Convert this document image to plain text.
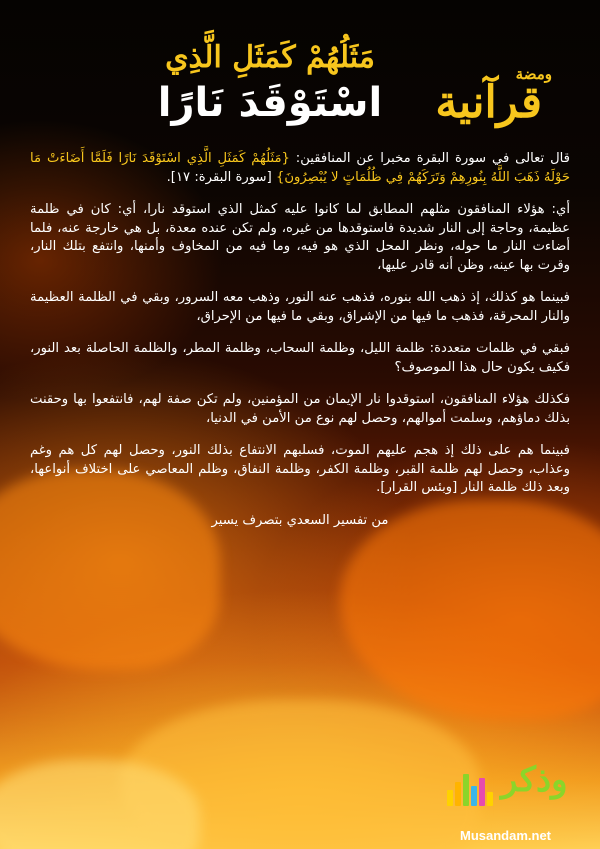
مَثَلُهُمْ كَمَثَلِ الَّذِي
اسْتَوْقَدَ نَارًا
ومضة
قرآنية

قال تعالى في سورة البقرة مخبرا عن المنافقين: {مَثَلُهُمْ كَمَثَلِ الَّذِي اسْتَوْقَدَ نَارًا فَلَمَّا أَضَاءَتْ مَا حَوْلَهُ ذَهَبَ اللَّهُ بِنُورِهِمْ وَتَرَكَهُمْ فِي ظُلُمَاتٍ لا يُبْصِرُونَ} [سورة البقرة: ١٧].

أي: هؤلاء المنافقون مثلهم المطابق لما كانوا عليه كمثل الذي استوقد نارا، أي: كان في ظلمة عظيمة، وحاجة إلى النار شديدة فاستوقدها من غيره، ولم تكن عنده معدة، بل هي خارجة عنه، فلما أضاءت النار ما حوله، ونظر المحل الذي هو فيه، وما فيه من المخاوف وأمنها، وانتفع بتلك النار، وقرت بها عينه، وظن أنه قادر عليها،

فبينما هو كذلك، إذ ذهب الله بنوره، فذهب عنه النور، وذهب معه السرور، وبقي في الظلمة العظيمة والنار المحرقة، فذهب ما فيها من الإشراق، وبقي ما فيها من الإحراق،

فبقي في ظلمات متعددة: ظلمة الليل، وظلمة السحاب، وظلمة المطر، والظلمة الحاصلة بعد النور، فكيف يكون حال هذا الموصوف؟

فكذلك هؤلاء المنافقون، استوقدوا نار الإيمان من المؤمنين، ولم تكن صفة لهم، فانتفعوا بها وحقنت بذلك دماؤهم، وسلمت أموالهم، وحصل لهم نوع من الأمن في الدنيا،

فبينما هم على ذلك إذ هجم عليهم الموت، فسلبهم الانتفاع بذلك النور، وحصل لهم كل هم وغم وعذاب، وحصل لهم ظلمة القبر، وظلمة الكفر، وظلمة النفاق، وظلم المعاصي على اختلاف أنواعها، وبعد ذلك ظلمة النار [وبئس القرار].

من تفسير السعدي بتصرف يسير

وذكر
Musandam.net
